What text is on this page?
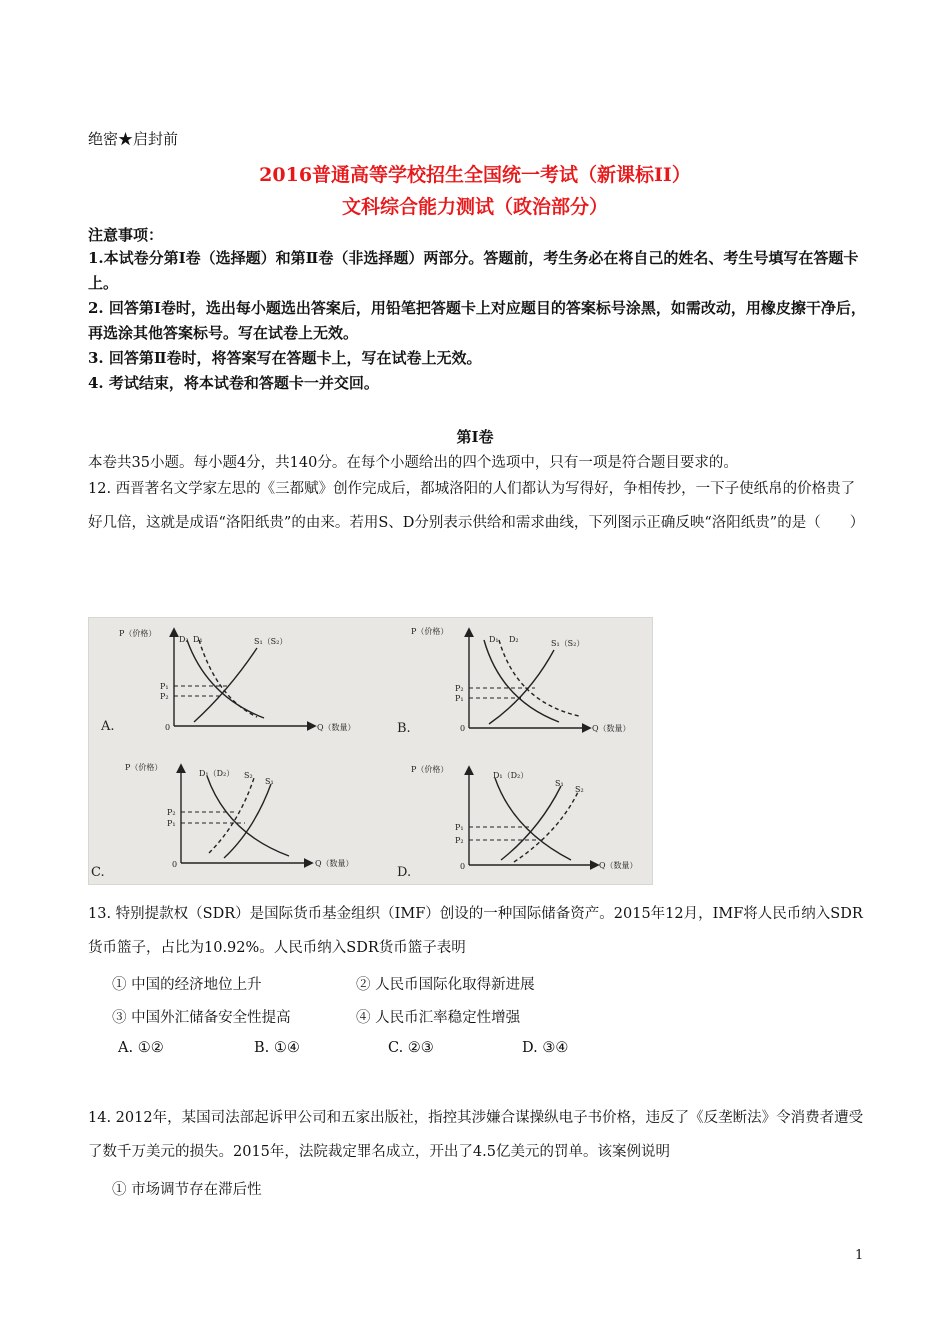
绝密★启封前
2016普通高等学校招生全国统一考试（新课标II）
文科综合能力测试（政治部分）
注意事项：
1.本试卷分第Ⅰ卷（选择题）和第Ⅱ卷（非选择题）两部分。答题前，考生务必在将自己的姓名、考生号填写在答题卡上。
2. 回答第Ⅰ卷时，选出每小题选出答案后，用铅笔把答题卡上对应题目的答案标号涂黑，如需改动，用橡皮擦干净后，再选涂其他答案标号。写在试卷上无效。
3. 回答第Ⅱ卷时，将答案写在答题卡上，写在试卷上无效。
4. 考试结束，将本试卷和答题卡一并交回。
第Ⅰ卷
本卷共35小题。每小题4分，共140分。在每个小题给出的四个选项中，只有一项是符合题目要求的。
12. 西晋著名文学家左思的《三都赋》创作完成后，都城洛阳的人们都认为写得好，争相传抄，一下子使纸帛的价格贵了好几倍，这就是成语“洛阳纸贵”的由来。若用S、D分别表示供给和需求曲线，下列图示正确反映“洛阳纸贵”的是（　　）
P（价格）
Q（数量）
0
D₂ D₁	S₁（S₂）
P₁
P₂
A.
P（价格）
Q（数量）
0
D₁ D₂	S₁（S₂）
P₂
P₁
B.
P（价格）
Q（数量）
0
D₁（D₂） S₂
S₁
P₂
P₁
C.
P（价格）
Q（数量）
0
D₁（D₂）
S₁
S₂
P₁
P₂
D.
13. 特别提款权（SDR）是国际货币基金组织（IMF）创设的一种国际储备资产。2015年12月，IMF将人民币纳入SDR货币篮子，占比为10.92%。人民币纳入SDR货币篮子表明
① 中国的经济地位上升	② 人民币国际化取得新进展
③ 中国外汇储备安全性提高	④ 人民币汇率稳定性增强
A. ①②	B. ①④	C. ②③	D. ③④
14. 2012年，某国司法部起诉甲公司和五家出版社，指控其涉嫌合谋操纵电子书价格，违反了《反垄断法》令消费者遭受了数千万美元的损失。2015年，法院裁定罪名成立，开出了4.5亿美元的罚单。该案例说明
① 市场调节存在滞后性
1
